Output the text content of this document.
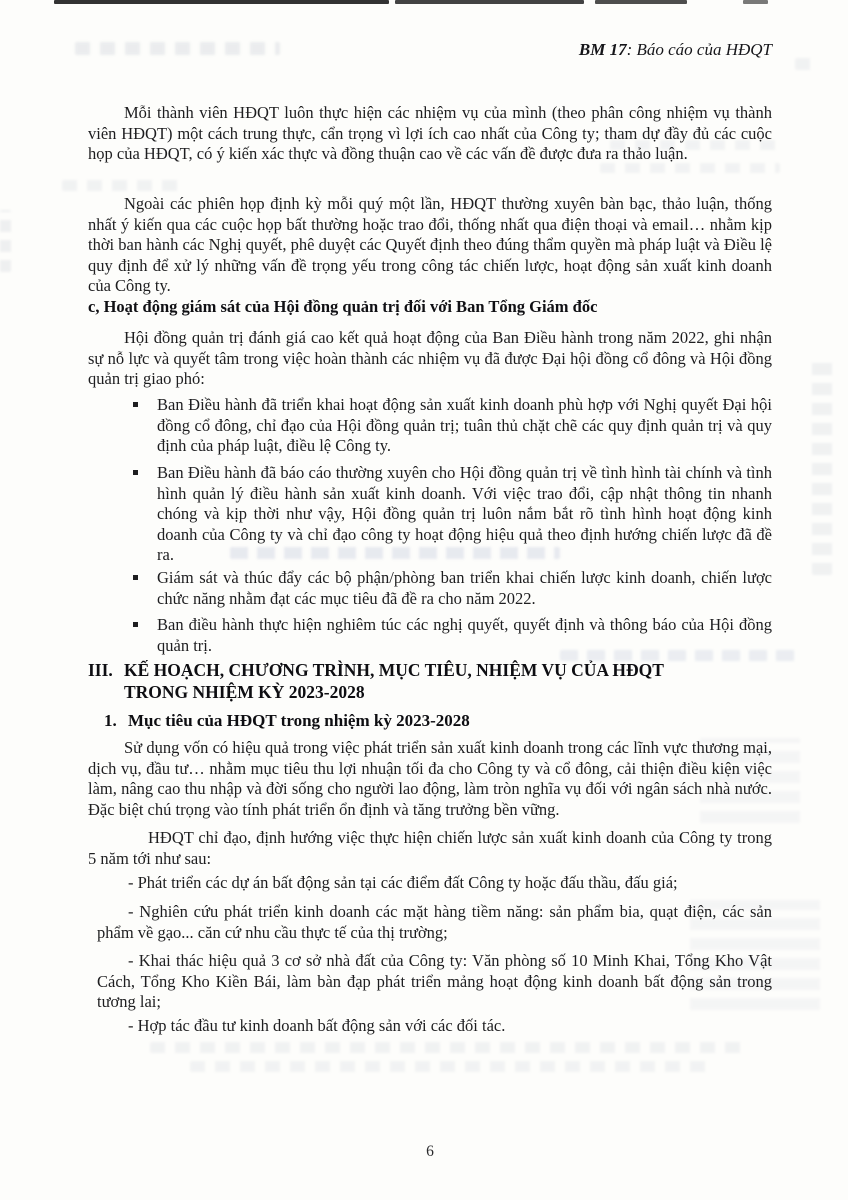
BM 17: Báo cáo của HĐQT
Mỗi thành viên HĐQT luôn thực hiện các nhiệm vụ của mình (theo phân công nhiệm vụ thành viên HĐQT) một cách trung thực, cẩn trọng vì lợi ích cao nhất của Công ty; tham dự đầy đủ các cuộc họp của HĐQT, có ý kiến xác thực và đồng thuận cao về các vấn đề được đưa ra thảo luận.
Ngoài các phiên họp định kỳ mỗi quý một lần, HĐQT thường xuyên bàn bạc, thảo luận, thống nhất ý kiến qua các cuộc họp bất thường hoặc trao đổi, thống nhất qua điện thoại và email… nhằm kịp thời ban hành các Nghị quyết, phê duyệt các Quyết định theo đúng thẩm quyền mà pháp luật và Điều lệ quy định để xử lý những vấn đề trọng yếu trong công tác chiến lược, hoạt động sản xuất kinh doanh của Công ty.
c, Hoạt động giám sát của Hội đồng quản trị đối với Ban Tổng Giám đốc
Hội đồng quản trị đánh giá cao kết quả hoạt động của Ban Điều hành trong năm 2022, ghi nhận sự nỗ lực và quyết tâm trong việc hoàn thành các nhiệm vụ đã được Đại hội đồng cổ đông và Hội đồng quản trị giao phó:
Ban Điều hành đã triển khai hoạt động sản xuất kinh doanh phù hợp với Nghị quyết Đại hội đồng cổ đông, chỉ đạo của Hội đồng quản trị; tuân thủ chặt chẽ các quy định quản trị và quy định của pháp luật, điều lệ Công ty.
Ban Điều hành đã báo cáo thường xuyên cho Hội đồng quản trị về tình hình tài chính và tình hình quản lý điều hành sản xuất kinh doanh. Với việc trao đổi, cập nhật thông tin nhanh chóng và kịp thời như vậy, Hội đồng quản trị luôn nắm bắt rõ tình hình hoạt động kinh doanh của Công ty và chỉ đạo công ty hoạt động hiệu quả theo định hướng chiến lược đã đề ra.
Giám sát và thúc đẩy các bộ phận/phòng ban triển khai chiến lược kinh doanh, chiến lược chức năng nhằm đạt các mục tiêu đã đề ra cho năm 2022.
Ban điều hành thực hiện nghiêm túc các nghị quyết, quyết định và thông báo của Hội đồng quản trị.
III. KẾ HOẠCH, CHƯƠNG TRÌNH, MỤC TIÊU, NHIỆM VỤ CỦA HĐQT TRONG NHIỆM KỲ 2023-2028
1. Mục tiêu của HĐQT trong nhiệm kỳ 2023-2028
Sử dụng vốn có hiệu quả trong việc phát triển sản xuất kinh doanh trong các lĩnh vực thương mại, dịch vụ, đầu tư… nhằm mục tiêu thu lợi nhuận tối đa cho Công ty và cổ đông, cải thiện điều kiện việc làm, nâng cao thu nhập và đời sống cho người lao động, làm tròn nghĩa vụ đối với ngân sách nhà nước. Đặc biệt chú trọng vào tính phát triển ổn định và tăng trưởng bền vững.
HĐQT chỉ đạo, định hướng việc thực hiện chiến lược sản xuất kinh doanh của Công ty trong 5 năm tới như sau:
- Phát triển các dự án bất động sản tại các điểm đất Công ty hoặc đấu thầu, đấu giá;
- Nghiên cứu phát triển kinh doanh các mặt hàng tiềm năng: sản phẩm bia, quạt điện, các sản phẩm về gạo... căn cứ nhu cầu thực tế của thị trường;
- Khai thác hiệu quả 3 cơ sở nhà đất của Công ty: Văn phòng số 10 Minh Khai, Tổng Kho Vật Cách, Tổng Kho Kiền Bái, làm bàn đạp phát triển mảng hoạt động kinh doanh bất động sản trong tương lai;
- Hợp tác đầu tư kinh doanh bất động sản với các đối tác.
6
